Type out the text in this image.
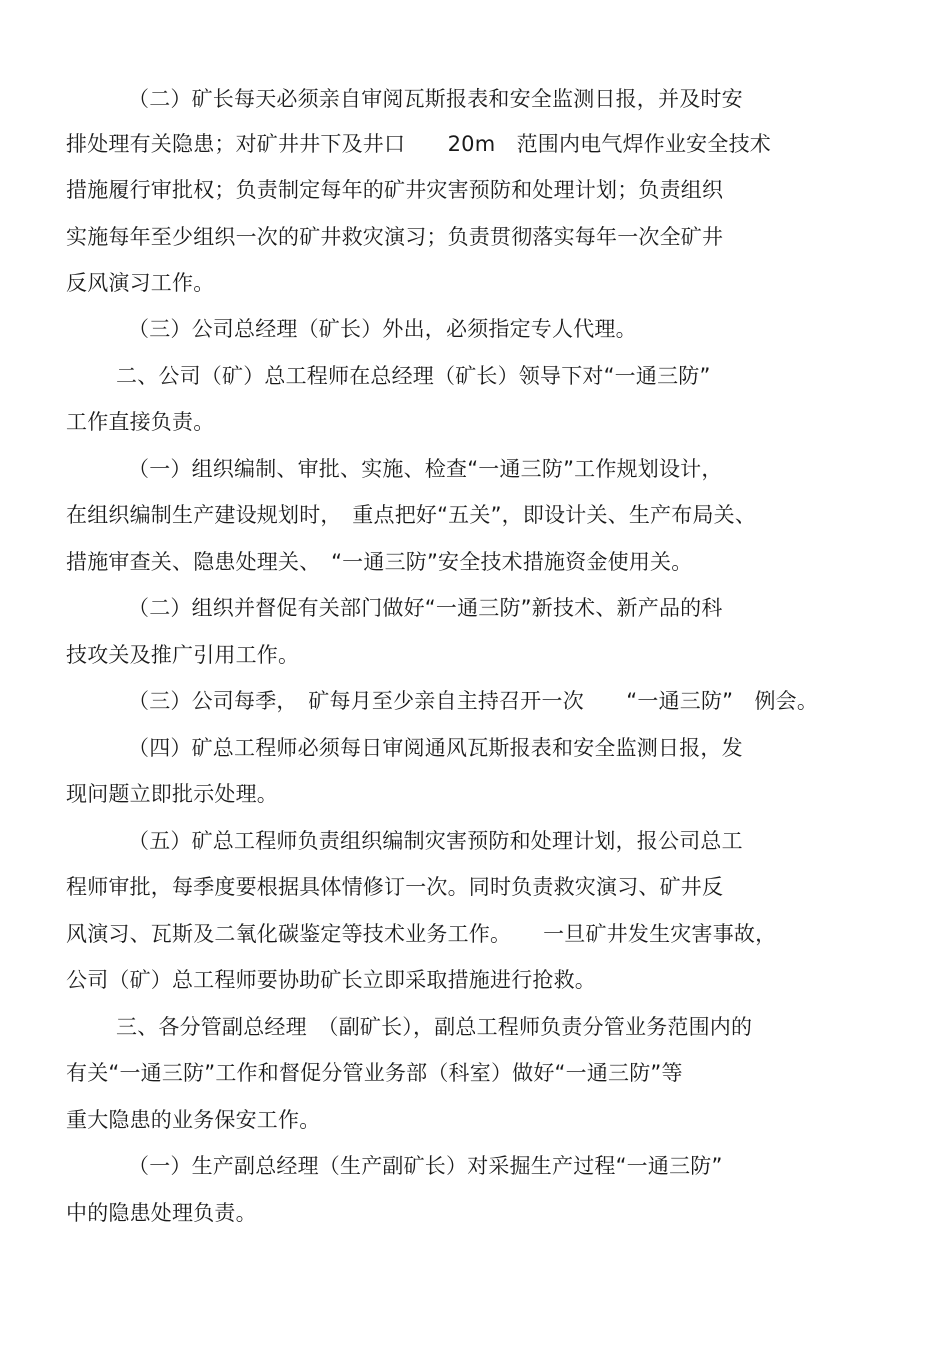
（二）矿长每天必须亲自审阅瓦斯报表和安全监测日报，并及时安
排处理有关隐患；对矿井井下及井口　　20m　范围内电气焊作业安全技术
措施履行审批权；负责制定每年的矿井灾害预防和处理计划；负责组织
实施每年至少组织一次的矿井救灾演习；负责贯彻落实每年一次全矿井
反风演习工作。
（三）公司总经理（矿长）外出，必须指定专人代理。
二、公司（矿）总工程师在总经理（矿长）领导下对“一通三防”
工作直接负责。
（一）组织编制、审批、实施、检查“一通三防”工作规划设计，
在组织编制生产建设规划时，　重点把好“五关”，即设计关、生产布局关、
措施审查关、隐患处理关、　“一通三防”安全技术措施资金使用关。
（二）组织并督促有关部门做好“一通三防”新技术、新产品的科
技攻关及推广引用工作。
（三）公司每季，　矿每月至少亲自主持召开一次　　“一通三防”　例会。
（四）矿总工程师必须每日审阅通风瓦斯报表和安全监测日报，发
现问题立即批示处理。
（五）矿总工程师负责组织编制灾害预防和处理计划，报公司总工
程师审批，每季度要根据具体情修订一次。同时负责救灾演习、矿井反
风演习、瓦斯及二氧化碳鉴定等技术业务工作。　　一旦矿井发生灾害事故，
公司（矿）总工程师要协助矿长立即采取措施进行抢救。
三、各分管副总经理　（副矿长），副总工程师负责分管业务范围内的
有关“一通三防”工作和督促分管业务部（科室）做好“一通三防”等
重大隐患的业务保安工作。
（一）生产副总经理（生产副矿长）对采掘生产过程“一通三防”
中的隐患处理负责。
